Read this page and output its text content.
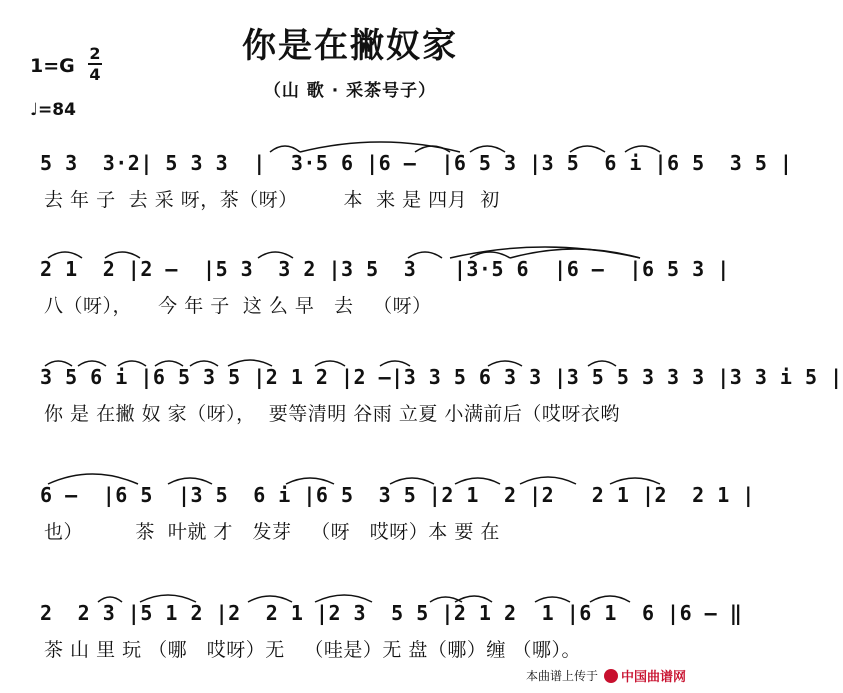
你是在撇奴家
（山 歌 · 采茶号子）
1=G
2
4
♩=84
5 3  3·2| 5 3 3  |  3·5 6 |6 –  |6 5 3 |3 5  6 i |6 5  3 5 |
去 年 子  去 采 呀，茶（呀）       本  来 是 四月  初
2 1  2 |2 –  |5 3  3 2 |3 5  3   |3·5 6  |6 –  |6 5 3 |
八（呀），    今 年 子  这 么 早   去   （呀）
3 5 6 i |6 5 3 5 |2 1 2 |2 –|3 3 5 6 3 3 |3 5 5 3 3 3 |3 3 i 5 |
你 是 在撇 奴 家（呀），  要等清明 谷雨 立夏 小满前后（哎呀衣哟
6 –  |6 5  |3 5  6 i |6 5  3 5 |2 1  2 |2   2 1 |2  2 1 |
也）        茶  叶就 才   发芽   （呀   哎呀）本 要 在
2  2 3 |5 1 2 |2  2 1 |2 3  5 5 |2 1 2  1 |6 1  6 |6 – ‖
茶 山 里 玩 （哪   哎呀）无   （哇是）无 盘（哪）缠 （哪）。
本曲谱上传于 中国曲谱网
